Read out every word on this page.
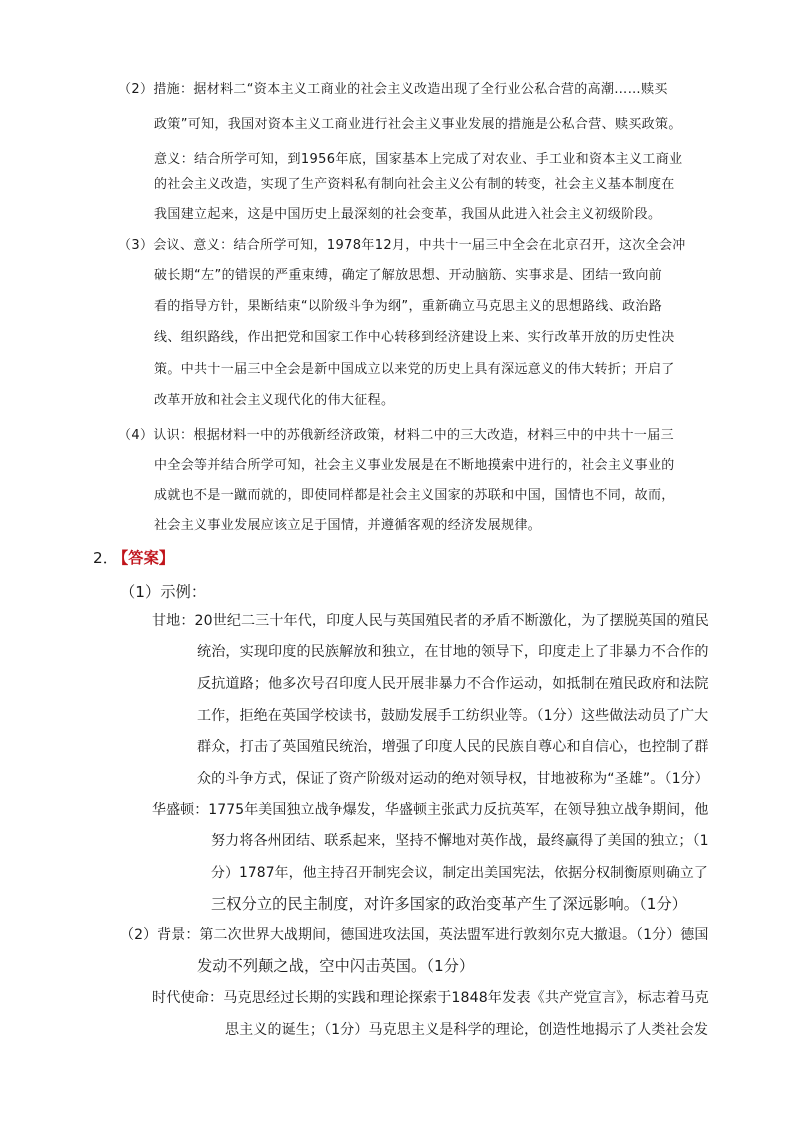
（2）措施：据材料二“资本主义工商业的社会主义改造出现了全行业公私合营的高潮……赎买
政策”可知，我国对资本主义工商业进行社会主义事业发展的措施是公私合营、赎买政策。
意义：结合所学可知，到1956年底，国家基本上完成了对农业、手工业和资本主义工商业
的社会主义改造，实现了生产资料私有制向社会主义公有制的转变，社会主义基本制度在
我国建立起来，这是中国历史上最深刻的社会变革，我国从此进入社会主义初级阶段。
（3）会议、意义：结合所学可知，1978年12月，中共十一届三中全会在北京召开，这次全会冲
破长期“左”的错误的严重束缚，确定了解放思想、开动脑筋、实事求是、团结一致向前
看的指导方针，果断结束“以阶级斗争为纲”，重新确立马克思主义的思想路线、政治路
线、组织路线，作出把党和国家工作中心转移到经济建设上来、实行改革开放的历史性决
策。中共十一届三中全会是新中国成立以来党的历史上具有深远意义的伟大转折；开启了
改革开放和社会主义现代化的伟大征程。
（4）认识：根据材料一中的苏俄新经济政策，材料二中的三大改造，材料三中的中共十一届三
中全会等并结合所学可知，社会主义事业发展是在不断地摸索中进行的，社会主义事业的
成就也不是一蹴而就的，即使同样都是社会主义国家的苏联和中国，国情也不同，故而，
社会主义事业发展应该立足于国情，并遵循客观的经济发展规律。
2．
【答案】
（1）示例：
甘地：20世纪二三十年代，印度人民与英国殖民者的矛盾不断激化，为了摆脱英国的殖民
统治，实现印度的民族解放和独立，在甘地的领导下，印度走上了非暴力不合作的
反抗道路；他多次号召印度人民开展非暴力不合作运动，如抵制在殖民政府和法院
工作，拒绝在英国学校读书，鼓励发展手工纺织业等。（1分）这些做法动员了广大
群众，打击了英国殖民统治，增强了印度人民的民族自尊心和自信心，也控制了群
众的斗争方式，保证了资产阶级对运动的绝对领导权，甘地被称为“圣雄”。（1分）
华盛顿：1775年美国独立战争爆发，华盛顿主张武力反抗英军，在领导独立战争期间，他
努力将各州团结、联系起来，坚持不懈地对英作战，最终赢得了美国的独立；（1
分）1787年，他主持召开制宪会议，制定出美国宪法，依据分权制衡原则确立了
三权分立的民主制度，对许多国家的政治变革产生了深远影响。（1分）
（2）背景：第二次世界大战期间，德国进攻法国，英法盟军进行敦刻尔克大撤退。（1分）德国
发动不列颠之战，空中闪击英国。（1分）
时代使命：马克思经过长期的实践和理论探索于1848年发表《共产党宣言》，标志着马克
思主义的诞生；（1分）马克思主义是科学的理论，创造性地揭示了人类社会发
